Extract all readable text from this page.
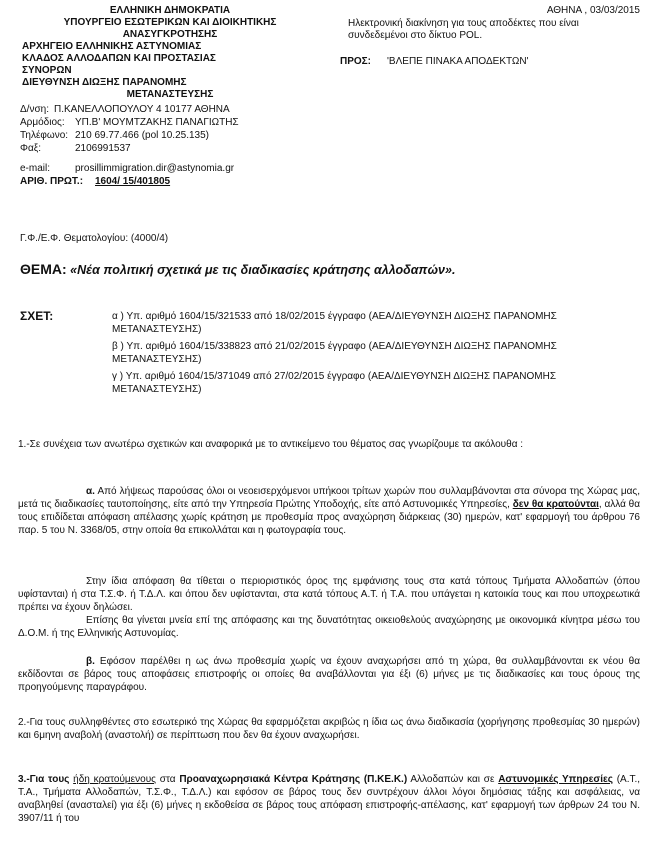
ΕΛΛΗΝΙΚΗ ΔΗΜΟΚΡΑΤΙΑ
ΥΠΟΥΡΓΕΙΟ ΕΣΩΤΕΡΙΚΩΝ ΚΑΙ ΔΙΟΙΚΗΤΙΚΗΣ
ΑΝΑΣΥΓΚΡΟΤΗΣΗΣ
ΑΡΧΗΓΕΙΟ ΕΛΛΗΝΙΚΗΣ ΑΣΤΥΝΟΜΙΑΣ
ΚΛΑΔΟΣ ΑΛΛΟΔΑΠΩΝ ΚΑΙ ΠΡΟΣΤΑΣΙΑΣ
ΣΥΝΟΡΩΝ
ΔΙΕΥΘΥΝΣΗ ΔΙΩΞΗΣ ΠΑΡΑΝΟΜΗΣ
ΜΕΤΑΝΑΣΤΕΥΣΗΣ
Δ/νση: Π.ΚΑΝΕΛΛΟΠΟΥΛΟΥ 4 10177 ΑΘΗΝΑ
Αρμόδιος: ΥΠ.Β' ΜΟΥΜΤΖΑΚΗΣ ΠΑΝΑΓΙΩΤΗΣ
Τηλέφωνο: 210 69.77.466 (pol 10.25.135)
Φαξ:	2106991537
e-mail: prosillimmigration.dir@astynomia.gr
ΑΡΙΘ. ΠΡΩΤ.: 1604/ 15/401805
ΑΘΗΝΑ , 03/03/2015
Ηλεκτρονική διακίνηση για τους αποδέκτες που είναι συνδεδεμένοι στο δίκτυο POL.
ΠΡΟΣ: 'ΒΛΕΠΕ ΠΙΝΑΚΑ ΑΠΟΔΕΚΤΩΝ'
Γ.Φ./Ε.Φ. Θεματολογίου: (4000/4)
ΘΕΜΑ: «Νέα πολιτική σχετικά με τις διαδικασίες κράτησης αλλοδαπών».
ΣΧΕΤ:	α ) Υπ. αριθμό 1604/15/321533 από 18/02/2015 έγγραφο (ΑΕΑ/ΔΙΕΥΘΥΝΣΗ ΔΙΩΞΗΣ ΠΑΡΑΝΟΜΗΣ ΜΕΤΑΝΑΣΤΕΥΣΗΣ)
β ) Υπ. αριθμό 1604/15/338823 από 21/02/2015 έγγραφο (ΑΕΑ/ΔΙΕΥΘΥΝΣΗ ΔΙΩΞΗΣ ΠΑΡΑΝΟΜΗΣ ΜΕΤΑΝΑΣΤΕΥΣΗΣ)
γ ) Υπ. αριθμό 1604/15/371049 από 27/02/2015 έγγραφο (ΑΕΑ/ΔΙΕΥΘΥΝΣΗ ΔΙΩΞΗΣ ΠΑΡΑΝΟΜΗΣ ΜΕΤΑΝΑΣΤΕΥΣΗΣ)
1.-Σε συνέχεια των ανωτέρω σχετικών και αναφορικά με το αντικείμενο του θέματος σας γνωρίζουμε τα ακόλουθα :
α. Από λήψεως παρούσας όλοι οι νεοεισερχόμενοι υπήκοοι τρίτων χωρών που συλλαμβάνονται στα σύνορα της Χώρας μας, μετά τις διαδικασίες ταυτοποίησης, είτε από την Υπηρεσία Πρώτης Υποδοχής, είτε από Αστυνομικές Υπηρεσίες, δεν θα κρατούνται, αλλά θα τους επιδίδεται απόφαση απέλασης χωρίς κράτηση με προθεσμία προς αναχώρηση διάρκειας (30) ημερών, κατ' εφαρμογή του άρθρου 76 παρ. 5 του Ν. 3368/05, στην οποία θα επικολλάται και η φωτογραφία τους.
Στην ίδια απόφαση θα τίθεται ο περιοριστικός όρος της εμφάνισης τους στα κατά τόπους Τμήματα Αλλοδαπών (όπου υφίστανται) ή στα Τ.Σ.Φ. ή Τ.Δ.Λ. και όπου δεν υφίστανται, στα κατά τόπους Α.Τ. ή Τ.Α. που υπάγεται η κατοικία τους και που υποχρεωτικά πρέπει να έχουν δηλώσει.
Επίσης θα γίνεται μνεία επί της απόφασης και της δυνατότητας οικειοθελούς αναχώρησης με οικονομικά κίνητρα μέσω του Δ.Ο.Μ. ή της Ελληνικής Αστυνομίας.
β. Εφόσον παρέλθει η ως άνω προθεσμία χωρίς να έχουν αναχωρήσει από τη χώρα, θα συλλαμβάνονται εκ νέου θα εκδίδονται σε βάρος τους αποφάσεις επιστροφής οι οποίες θα αναβάλλονται για έξι (6) μήνες με τις διαδικασίες και τους όρους της προηγούμενης παραγράφου.
2.-Για τους συλληφθέντες στο εσωτερικό της Χώρας θα εφαρμόζεται ακριβώς η ίδια ως άνω διαδικασία (χορήγησης προθεσμίας 30 ημερών) και 6μηνη αναβολή (αναστολή) σε περίπτωση που δεν θα έχουν αναχωρήσει.
3.-Για τους ήδη κρατούμενους στα Προαναχωρησιακά Κέντρα Κράτησης (Π.ΚΕ.Κ.) Αλλοδαπών και σε Αστυνομικές Υπηρεσίες (Α.Τ., Τ.Α., Τμήματα Αλλοδαπών, Τ.Σ.Φ., Τ.Δ.Λ.) και εφόσον σε βάρος τους δεν συντρέχουν άλλοι λόγοι δημόσιας τάξης και ασφάλειας, να αναβληθεί (ανασταλεί) για έξι (6) μήνες η εκδοθείσα σε βάρος τους απόφαση επιστροφής-απέλασης, κατ' εφαρμογή των άρθρων 24 του Ν. 3907/11 ή του
